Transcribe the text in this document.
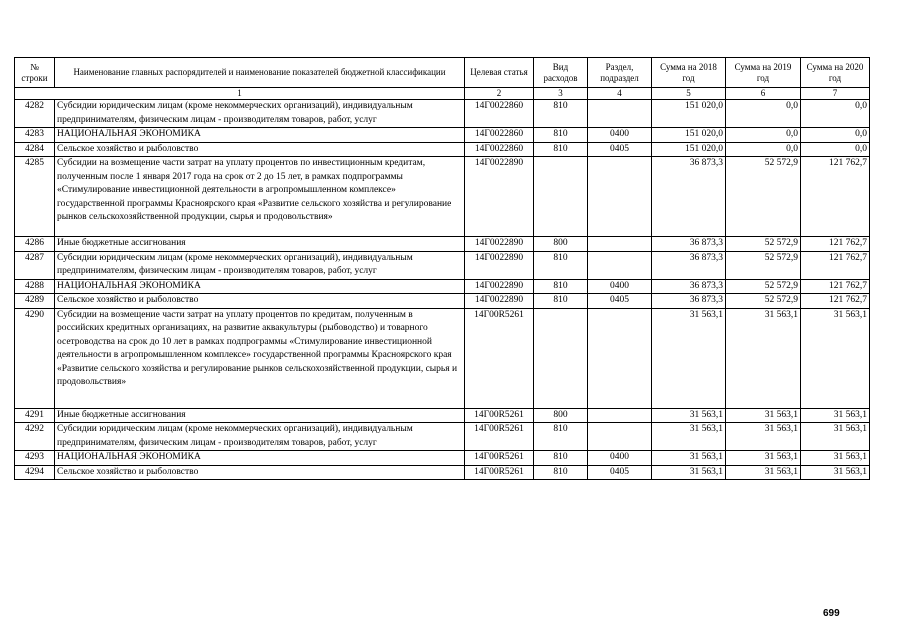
№ строки	Наименование главных распорядителей и наименование показателей бюджетной классификации	Целевая статья	Вид расходов	Раздел, подраздел	Сумма на 2018 год	Сумма на 2019 год	Сумма на 2020 год
1		2	3	4	5	6	7
4282	Субсидии юридическим лицам (кроме некоммерческих организаций), индивидуальным предпринимателям, физическим лицам - производителям товаров, работ, услуг	14Г0022860	810		151 020,0	0,0	0,0
4283	НАЦИОНАЛЬНАЯ ЭКОНОМИКА	14Г0022860	810	0400	151 020,0	0,0	0,0
4284	Сельское хозяйство и рыболовство	14Г0022860	810	0405	151 020,0	0,0	0,0
4285	Субсидии на возмещение части затрат на уплату процентов по инвестиционным кредитам, полученным после 1 января 2017 года на срок от 2 до 15 лет, в рамках подпрограммы «Стимулирование инвестиционной деятельности в агропромышленном комплексе» государственной программы Красноярского края «Развитие сельского хозяйства и регулирование рынков сельскохозяйственной продукции, сырья и продовольствия»	14Г0022890			36 873,3	52 572,9	121 762,7
4286	Иные бюджетные ассигнования	14Г0022890	800		36 873,3	52 572,9	121 762,7
4287	Субсидии юридическим лицам (кроме некоммерческих организаций), индивидуальным предпринимателям, физическим лицам - производителям товаров, работ, услуг	14Г0022890	810		36 873,3	52 572,9	121 762,7
4288	НАЦИОНАЛЬНАЯ ЭКОНОМИКА	14Г0022890	810	0400	36 873,3	52 572,9	121 762,7
4289	Сельское хозяйство и рыболовство	14Г0022890	810	0405	36 873,3	52 572,9	121 762,7
4290	Субсидии на возмещение части затрат на уплату процентов по кредитам, полученным в российских кредитных организациях, на развитие аквакультуры (рыбоводство) и товарного осетроводства на срок до 10 лет в рамках подпрограммы «Стимулирование инвестиционной деятельности в агропромышленном комплексе» государственной программы Красноярского края «Развитие сельского хозяйства и регулирование рынков сельскохозяйственной продукции, сырья и продовольствия»	14Г00R5261			31 563,1	31 563,1	31 563,1
4291	Иные бюджетные ассигнования	14Г00R5261	800		31 563,1	31 563,1	31 563,1
4292	Субсидии юридическим лицам (кроме некоммерческих организаций), индивидуальным предпринимателям, физическим лицам - производителям товаров, работ, услуг	14Г00R5261	810		31 563,1	31 563,1	31 563,1
4293	НАЦИОНАЛЬНАЯ ЭКОНОМИКА	14Г00R5261	810	0400	31 563,1	31 563,1	31 563,1
4294	Сельское хозяйство и рыболовство	14Г00R5261	810	0405	31 563,1	31 563,1	31 563,1
699
